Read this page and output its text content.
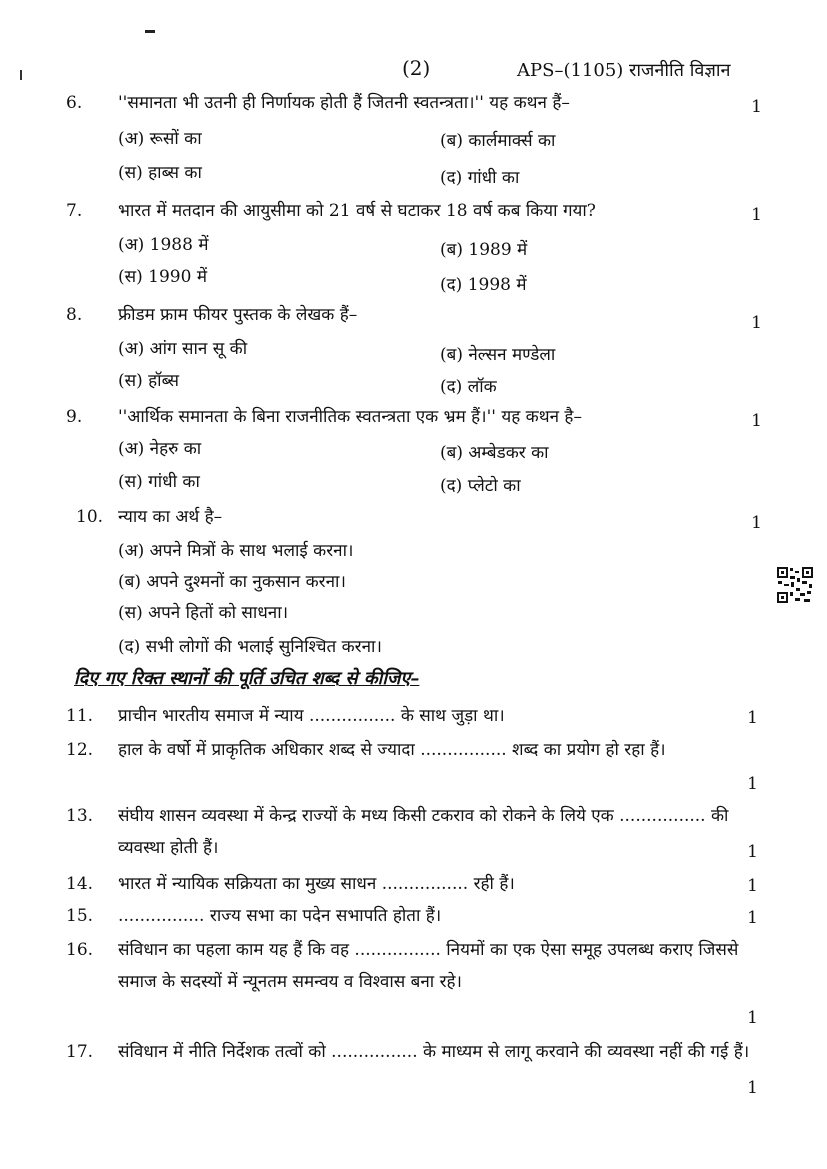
(2)	APS–(1105) राजनीति विज्ञान
6.	''समानता भी उतनी ही निर्णायक होती हैं जितनी स्वतन्त्रता।'' यह कथन हैं–	1
(अ) रूसों का	(ब) कार्लमार्क्स का
(स) हाब्स का	(द) गांधी का
7.	भारत में मतदान की आयुसीमा को 21 वर्ष से घटाकर 18 वर्ष कब किया गया?	1
(अ) 1988 में	(ब) 1989 में
(स) 1990 में	(द) 1998 में
8.	फ्रीडम फ्राम फीयर पुस्तक के लेखक हैं–	1
(अ) आंग सान सू की	(ब) नेल्सन मण्डेला
(स) हॉब्स	(द) लॉक
9.	''आर्थिक समानता के बिना राजनीतिक स्वतन्त्रता एक भ्रम हैं।'' यह कथन है–	1
(अ) नेहरु का	(ब) अम्बेडकर का
(स) गांधी का	(द) प्लेटो का
10. न्याय का अर्थ है–	1
(अ) अपने मित्रों के साथ भलाई करना।
(ब) अपने दुश्मनों का नुकसान करना।
(स) अपने हितों को साधना।
(द) सभी लोगों की भलाई सुनिश्चित करना।
दिए गए रिक्त स्थानों की पूर्ति उचित शब्द से कीजिए–
11. प्राचीन भारतीय समाज में न्याय ................ के साथ जुड़ा था।	1
12. हाल के वर्षो में प्राकृतिक अधिकार शब्द से ज्यादा ................ शब्द का प्रयोग हो रहा हैं।
1
13. संघीय शासन व्यवस्था में केन्द्र राज्यों के मध्य किसी टकराव को रोकने के लिये एक ................ की व्यवस्था होती हैं।	1
14. भारत में न्यायिक सक्रियता का मुख्य साधन ................ रही हैं।	1
15. ................ राज्य सभा का पदेन सभापति होता हैं।	1
16. संविधान का पहला काम यह हैं कि वह ................ नियमों का एक ऐसा समूह उपलब्ध कराए जिससे समाज के सदस्यों में न्यूनतम समन्वय व विश्वास बना रहे।
1
17. संविधान में नीति निर्देशक तत्वों को ................ के माध्यम से लागू करवाने की व्यवस्था नहीं की गई हैं।
1
